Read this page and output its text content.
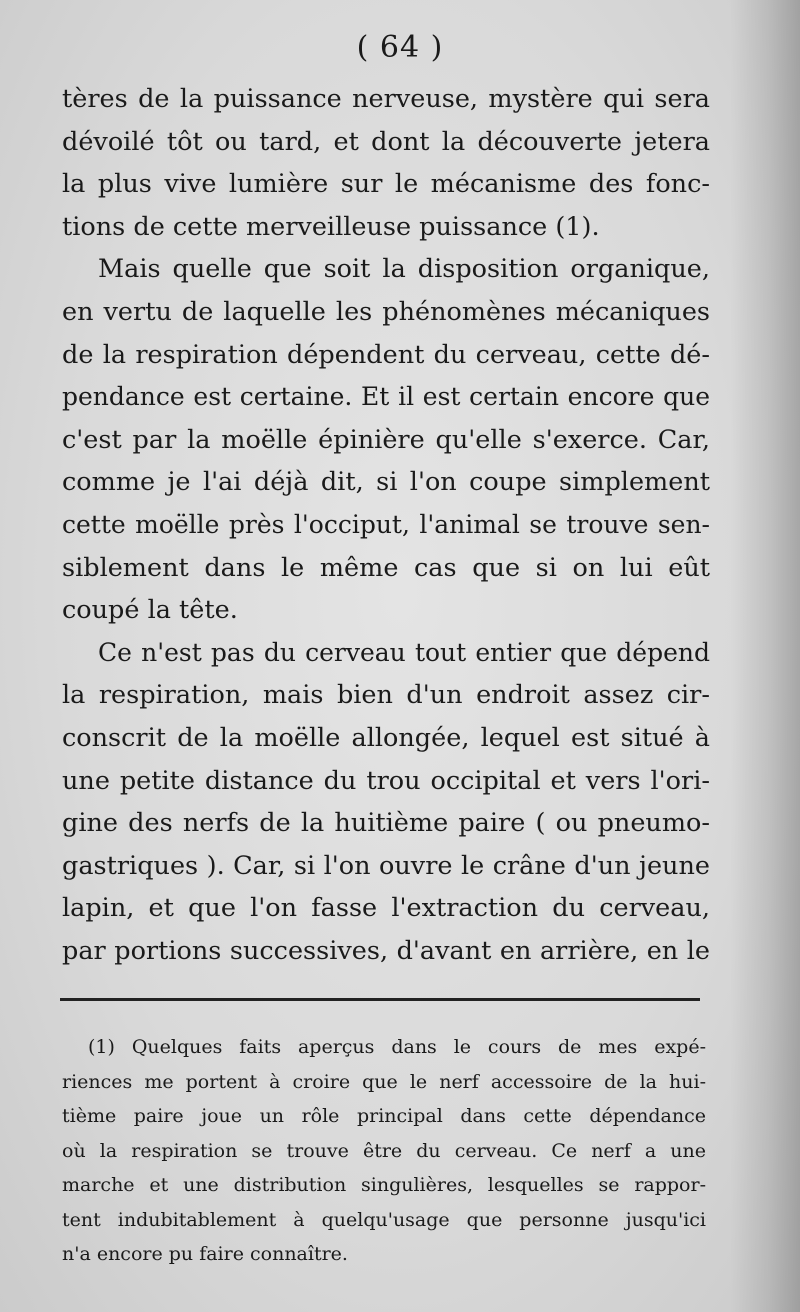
( 64 )
tères de la puissance nerveuse, mystère qui sera
dévoilé tôt ou tard, et dont la découverte jetera
la plus vive lumière sur le mécanisme des fonc-
tions de cette merveilleuse puissance (1).
Mais quelle que soit la disposition organique,
en vertu de laquelle les phénomènes mécaniques
de la respiration dépendent du cerveau, cette dé-
pendance est certaine. Et il est certain encore que
c'est par la moëlle épinière qu'elle s'exerce. Car,
comme je l'ai déjà dit, si l'on coupe simplement
cette moëlle près l'occiput, l'animal se trouve sen-
siblement dans le même cas que si on lui eût
coupé la tête.
Ce n'est pas du cerveau tout entier que dépend
la respiration, mais bien d'un endroit assez cir-
conscrit de la moëlle allongée, lequel est situé à
une petite distance du trou occipital et vers l'ori-
gine des nerfs de la huitième paire ( ou pneumo-
gastriques ). Car, si l'on ouvre le crâne d'un jeune
lapin, et que l'on fasse l'extraction du cerveau,
par portions successives, d'avant en arrière, en le
(1) Quelques faits aperçus dans le cours de mes expé-
riences me portent à croire que le nerf accessoire de la hui-
tième paire joue un rôle principal dans cette dépendance
où la respiration se trouve être du cerveau. Ce nerf a une
marche et une distribution singulières, lesquelles se rappor-
tent indubitablement à quelqu'usage que personne jusqu'ici
n'a encore pu faire connaître.
